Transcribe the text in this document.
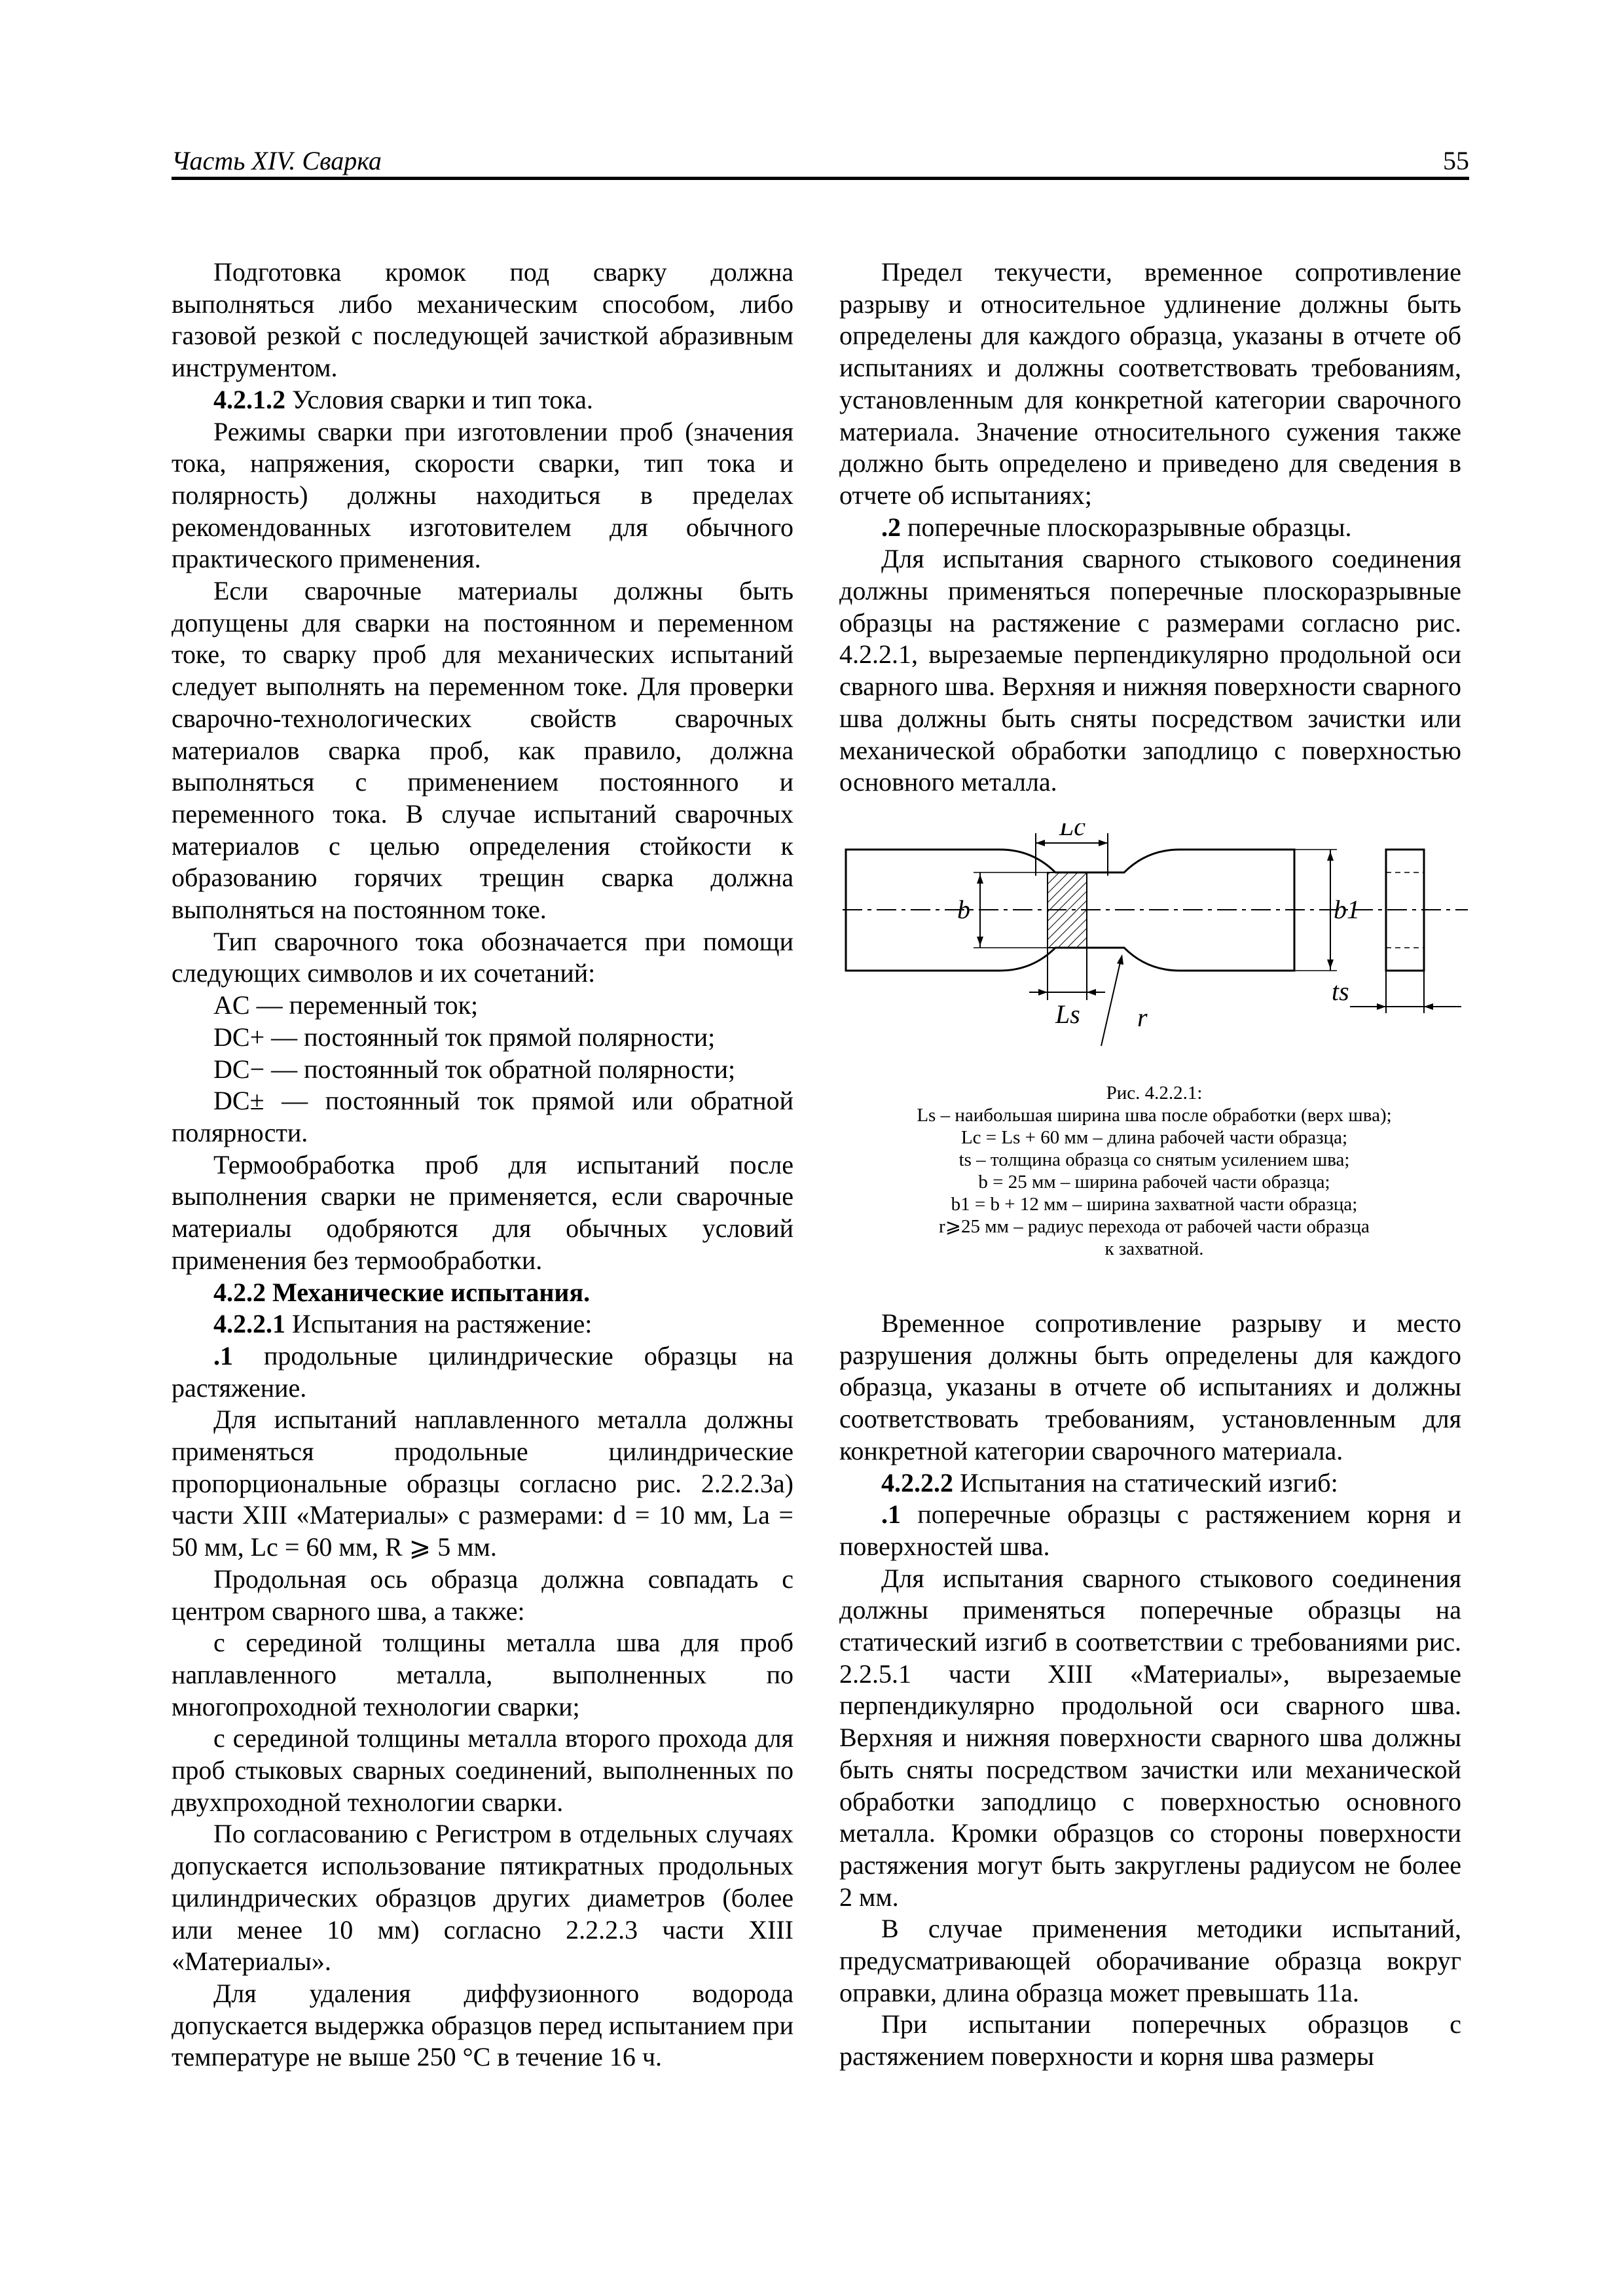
Часть XIV. Сварка	55

Подготовка кромок под сварку должна выполняться либо механическим способом, либо газовой резкой с последующей зачисткой абразивным инструментом.

4.2.1.2 Условия сварки и тип тока.

Режимы сварки при изготовлении проб (значения тока, напряжения, скорости сварки, тип тока и полярность) должны находиться в пределах рекомендованных изготовителем для обычного практического применения.

Если сварочные материалы должны быть допущены для сварки на постоянном и переменном токе, то сварку проб для механических испытаний следует выполнять на переменном токе. Для проверки сварочно-технологических свойств сварочных материалов сварка проб, как правило, должна выполняться с применением постоянного и переменного тока. В случае испытаний сварочных материалов с целью определения стойкости к образованию горячих трещин сварка должна выполняться на постоянном токе.

Тип сварочного тока обозначается при помощи следующих символов и их сочетаний:

AC — переменный ток;

DC+ — постоянный ток прямой полярности;

DC− — постоянный ток обратной полярности;

DC± — постоянный ток прямой или обратной полярности.

Термообработка проб для испытаний после выполнения сварки не применяется, если сварочные материалы одобряются для обычных условий применения без термообработки.

4.2.2 Механические испытания.

4.2.2.1 Испытания на растяжение:

.1 продольные цилиндрические образцы на растяжение.

Для испытаний наплавленного металла должны применяться продольные цилиндрические пропорциональные образцы согласно рис. 2.2.2.3a) части XIII «Материалы» с размерами: d = 10 мм, La = 50 мм, Lc = 60 мм, R ⩾ 5 мм.

Продольная ось образца должна совпадать с центром сварного шва, а также:

с серединой толщины металла шва для проб наплавленного металла, выполненных по многопроходной технологии сварки;

с серединой толщины металла второго прохода для проб стыковых сварных соединений, выполненных по двухпроходной технологии сварки.

По согласованию с Регистром в отдельных случаях допускается использование пятикратных продольных цилиндрических образцов других диаметров (более или менее 10 мм) согласно 2.2.2.3 части XIII «Материалы».

Для удаления диффузионного водорода допускается выдержка образцов перед испытанием при температуре не выше 250 °C в течение 16 ч.

Предел текучести, временное сопротивление разрыву и относительное удлинение должны быть определены для каждого образца, указаны в отчете об испытаниях и должны соответствовать требованиям, установленным для конкретной категории сварочного материала. Значение относительного сужения также должно быть определено и приведено для сведения в отчете об испытаниях;

.2 поперечные плоскоразрывные образцы.

Для испытания сварного стыкового соединения должны применяться поперечные плоскоразрывные образцы на растяжение с размерами согласно рис. 4.2.2.1, вырезаемые перпендикулярно продольной оси сварного шва. Верхняя и нижняя поверхности сварного шва должны быть сняты посредством зачистки или механической обработки заподлицо с поверхностью основного металла.

Lc
b
Ls r
b1
ts
Рис. 4.2.2.1:
Ls – наибольшая ширина шва после обработки (верх шва);
Lc = Ls + 60 мм – длина рабочей части образца;
ts – толщина образца со снятым усилением шва;
b = 25 мм – ширина рабочей части образца;
b1 = b + 12 мм – ширина захватной части образца;
r⩾25 мм – радиус перехода от рабочей части образца
к захватной.

Временное сопротивление разрыву и место разрушения должны быть определены для каждого образца, указаны в отчете об испытаниях и должны соответствовать требованиям, установленным для конкретной категории сварочного материала.

4.2.2.2 Испытания на статический изгиб:

.1 поперечные образцы с растяжением корня и поверхностей шва.

Для испытания сварного стыкового соединения должны применяться поперечные образцы на статический изгиб в соответствии с требованиями рис. 2.2.5.1 части XIII «Материалы», вырезаемые перпендикулярно продольной оси сварного шва. Верхняя и нижняя поверхности сварного шва должны быть сняты посредством зачистки или механической обработки заподлицо с поверхностью основного металла. Кромки образцов со стороны поверхности растяжения могут быть закруглены радиусом не более 2 мм.

В случае применения методики испытаний, предусматривающей оборачивание образца вокруг оправки, длина образца может превышать 11a.

При испытании поперечных образцов с растяжением поверхности и корня шва размеры
